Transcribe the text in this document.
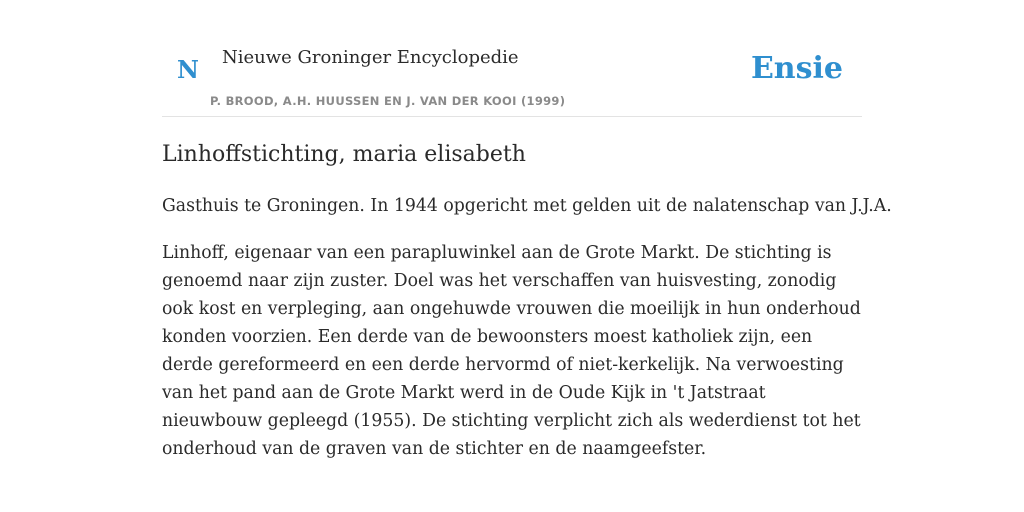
N Nieuwe Groninger Encyclopedie
P. BROOD, A.H. HUUSSEN EN J. VAN DER KOOI (1999)
Ensie
Linhoffstichting, maria elisabeth

Gasthuis te Groningen. In 1944 opgericht met gelden uit de nalatenschap van J.J.A.

Linhoff, eigenaar van een parapluwinkel aan de Grote Markt. De stichting is genoemd naar zijn zuster. Doel was het verschaffen van huisvesting, zonodig ook kost en verpleging, aan ongehuwde vrouwen die moeilijk in hun onderhoud konden voorzien. Een derde van de bewoonsters moest katholiek zijn, een derde gereformeerd en een derde hervormd of niet-kerkelijk. Na verwoesting van het pand aan de Grote Markt werd in de Oude Kijk in 't Jatstraat nieuwbouw gepleegd (1955). De stichting verplicht zich als wederdienst tot het onderhoud van de graven van de stichter en de naamgeefster.
